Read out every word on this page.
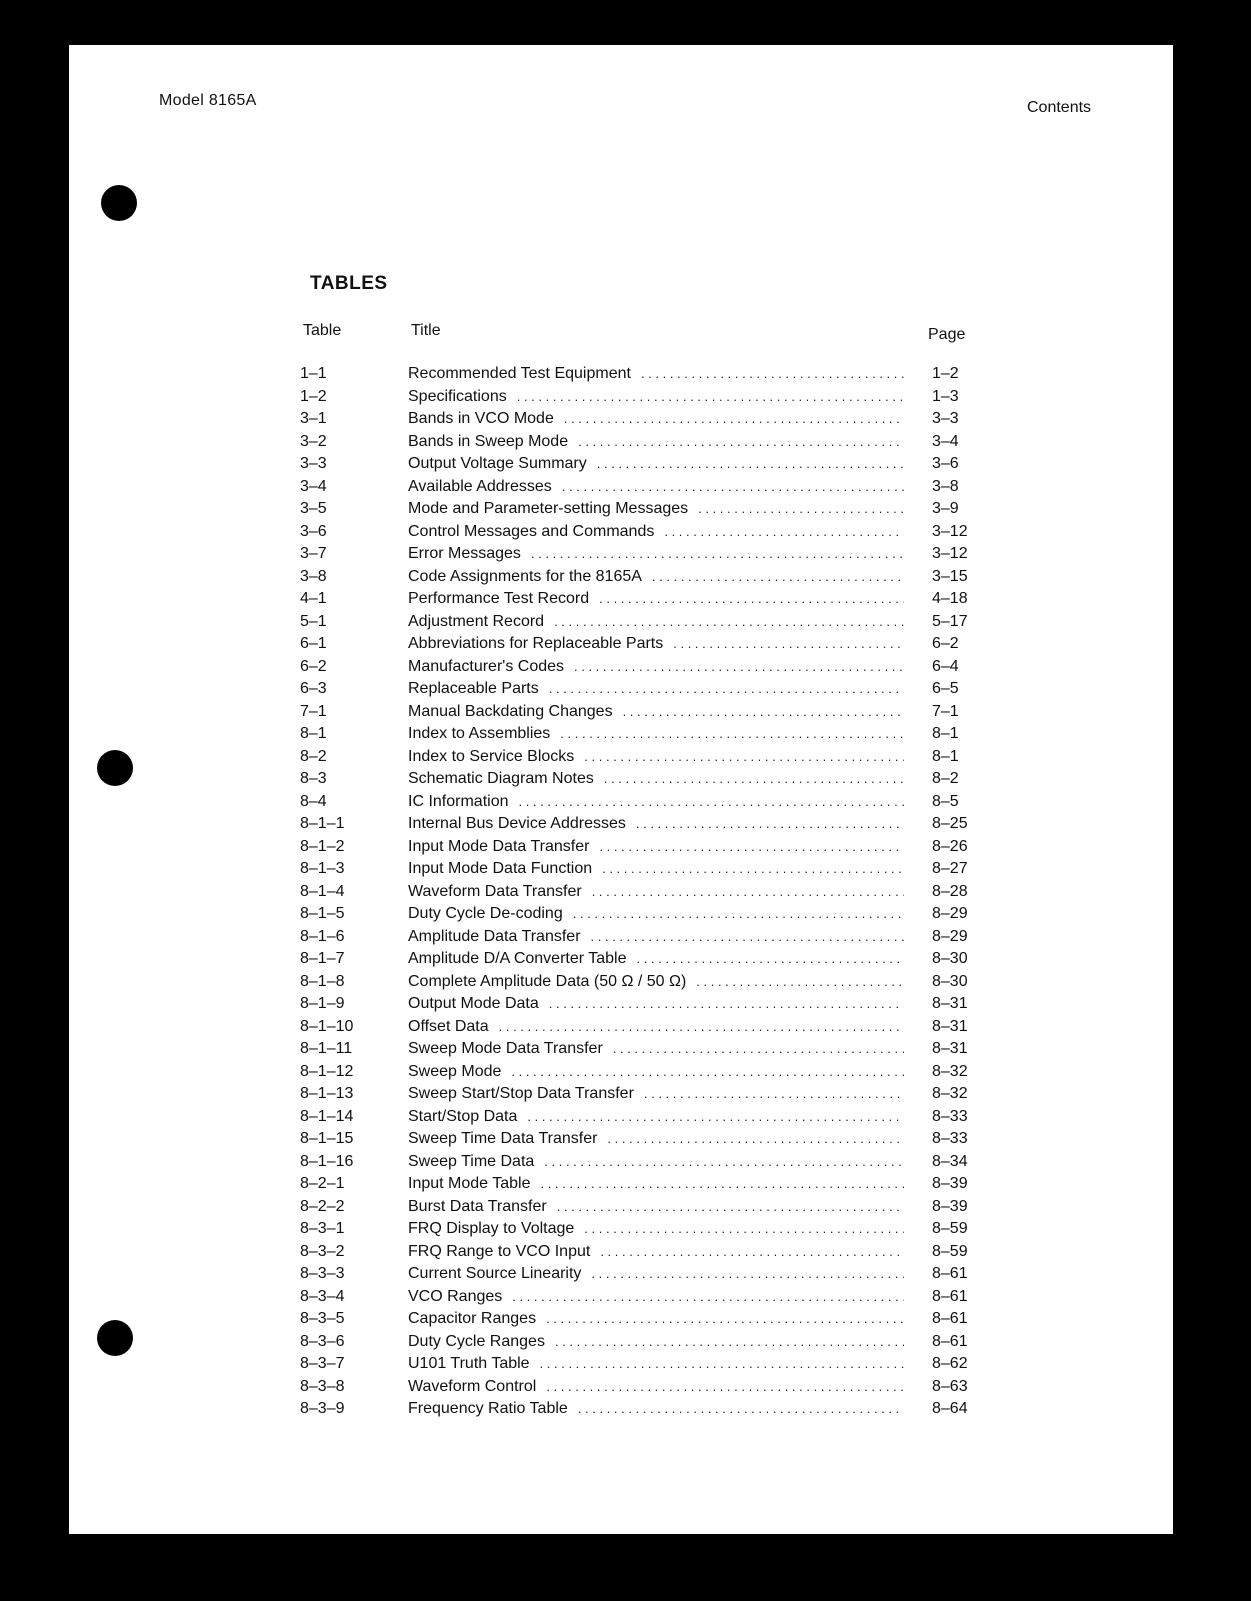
Model 8165A	Contents
TABLES
Table	Title	Page
1–1	Recommended Test Equipment . . .	1–2
1–2	Specifications . . .	1–3
3–1	Bands in VCO Mode . . .	3–3
3–2	Bands in Sweep Mode . . .	3–4
3–3	Output Voltage Summary . . .	3–6
3–4	Available Addresses . . .	3–8
3–5	Mode and Parameter-setting Messages . . .	3–9
3–6	Control Messages and Commands . . .	3–12
3–7	Error Messages . . .	3–12
3–8	Code Assignments for the 8165A . . .	3–15
4–1	Performance Test Record . . .	4–18
5–1	Adjustment Record . . .	5–17
6–1	Abbreviations for Replaceable Parts . . .	6–2
6–2	Manufacturer's Codes . . .	6–4
6–3	Replaceable Parts . . .	6–5
7–1	Manual Backdating Changes . . .	7–1
8–1	Index to Assemblies . . .	8–1
8–2	Index to Service Blocks . . .	8–1
8–3	Schematic Diagram Notes . . .	8–2
8–4	IC Information . . .	8–5
8–1–1	Internal Bus Device Addresses . . .	8–25
8–1–2	Input Mode Data Transfer . . .	8–26
8–1–3	Input Mode Data Function . . .	8–27
8–1–4	Waveform Data Transfer . . .	8–28
8–1–5	Duty Cycle De-coding . . .	8–29
8–1–6	Amplitude Data Transfer . . .	8–29
8–1–7	Amplitude D/A Converter Table . . .	8–30
8–1–8	Complete Amplitude Data (50 Ω / 50 Ω) . . .	8–30
8–1–9	Output Mode Data . . .	8–31
8–1–10	Offset Data . . .	8–31
8–1–11	Sweep Mode Data Transfer . . .	8–31
8–1–12	Sweep Mode . . .	8–32
8–1–13	Sweep Start/Stop Data Transfer . . .	8–32
8–1–14	Start/Stop Data . . .	8–33
8–1–15	Sweep Time Data Transfer . . .	8–33
8–1–16	Sweep Time Data . . .	8–34
8–2–1	Input Mode Table . . .	8–39
8–2–2	Burst Data Transfer . . .	8–39
8–3–1	FRQ Display to Voltage . . .	8–59
8–3–2	FRQ Range to VCO Input . . .	8–59
8–3–3	Current Source Linearity . . .	8–61
8–3–4	VCO Ranges . . .	8–61
8–3–5	Capacitor Ranges . . .	8–61
8–3–6	Duty Cycle Ranges . . .	8–61
8–3–7	U101 Truth Table . . .	8–62
8–3–8	Waveform Control . . .	8–63
8–3–9	Frequency Ratio Table . . .	8–64
